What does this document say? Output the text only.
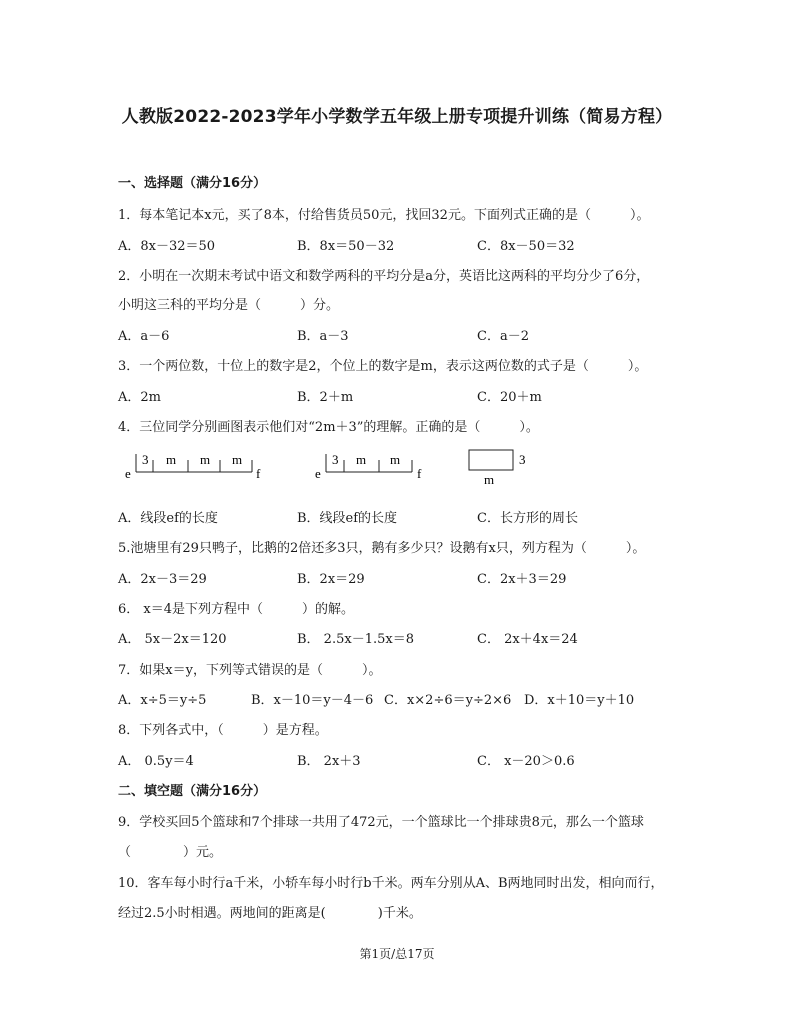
人教版2022-2023学年小学数学五年级上册专项提升训练（简易方程）
一、选择题（满分16分）
1．每本笔记本x元，买了8本，付给售货员50元，找回32元。下面列式正确的是（　　　）。
A．8x－32＝50	B．8x＝50－32	C．8x－50＝32
2．小明在一次期末考试中语文和数学两科的平均分是a分，英语比这两科的平均分少了6分，
小明这三科的平均分是（　　　）分。
A．a－6	B．a－3	C．a－2
3．一个两位数，十位上的数字是2，个位上的数字是m，表示这两位数的式子是（　　　）。
A．2m	B．2＋m	C．20＋m
4．三位同学分别画图表示他们对“2m＋3”的理解。正确的是（　　　）。
e
3 m m m
f	e
3 m m
f
3
m
A．线段ef的长度	B．线段ef的长度	C．长方形的周长
5.池塘里有29只鸭子，比鹅的2倍还多3只，鹅有多少只？设鹅有x只，列方程为（　　　）。
A．2x－3＝29	B．2x＝29	C．2x＋3＝29
6． x＝4是下列方程中（　　　）的解。
A． 5x－2x＝120	B． 2.5x－1.5x＝8	C． 2x＋4x＝24
7．如果x＝y，下列等式错误的是（　　　）。
A．x÷5＝y÷5	B．x－10＝y－4－6 C．x×2÷6＝y÷2×6 D．x＋10＝y＋10
8．下列各式中，（　　　）是方程。
A． 0.5y＝4	B． 2x＋3	C． x－20＞0.6
二、填空题（满分16分）
9．学校买回5个篮球和7个排球一共用了472元，一个篮球比一个排球贵8元，那么一个篮球
（　　　　）元。
10．客车每小时行a千米，小轿车每小时行b千米。两车分别从A、B两地同时出发，相向而行，
经过2.5小时相遇。两地间的距离是(　　　　)千米。
第1页/总17页
